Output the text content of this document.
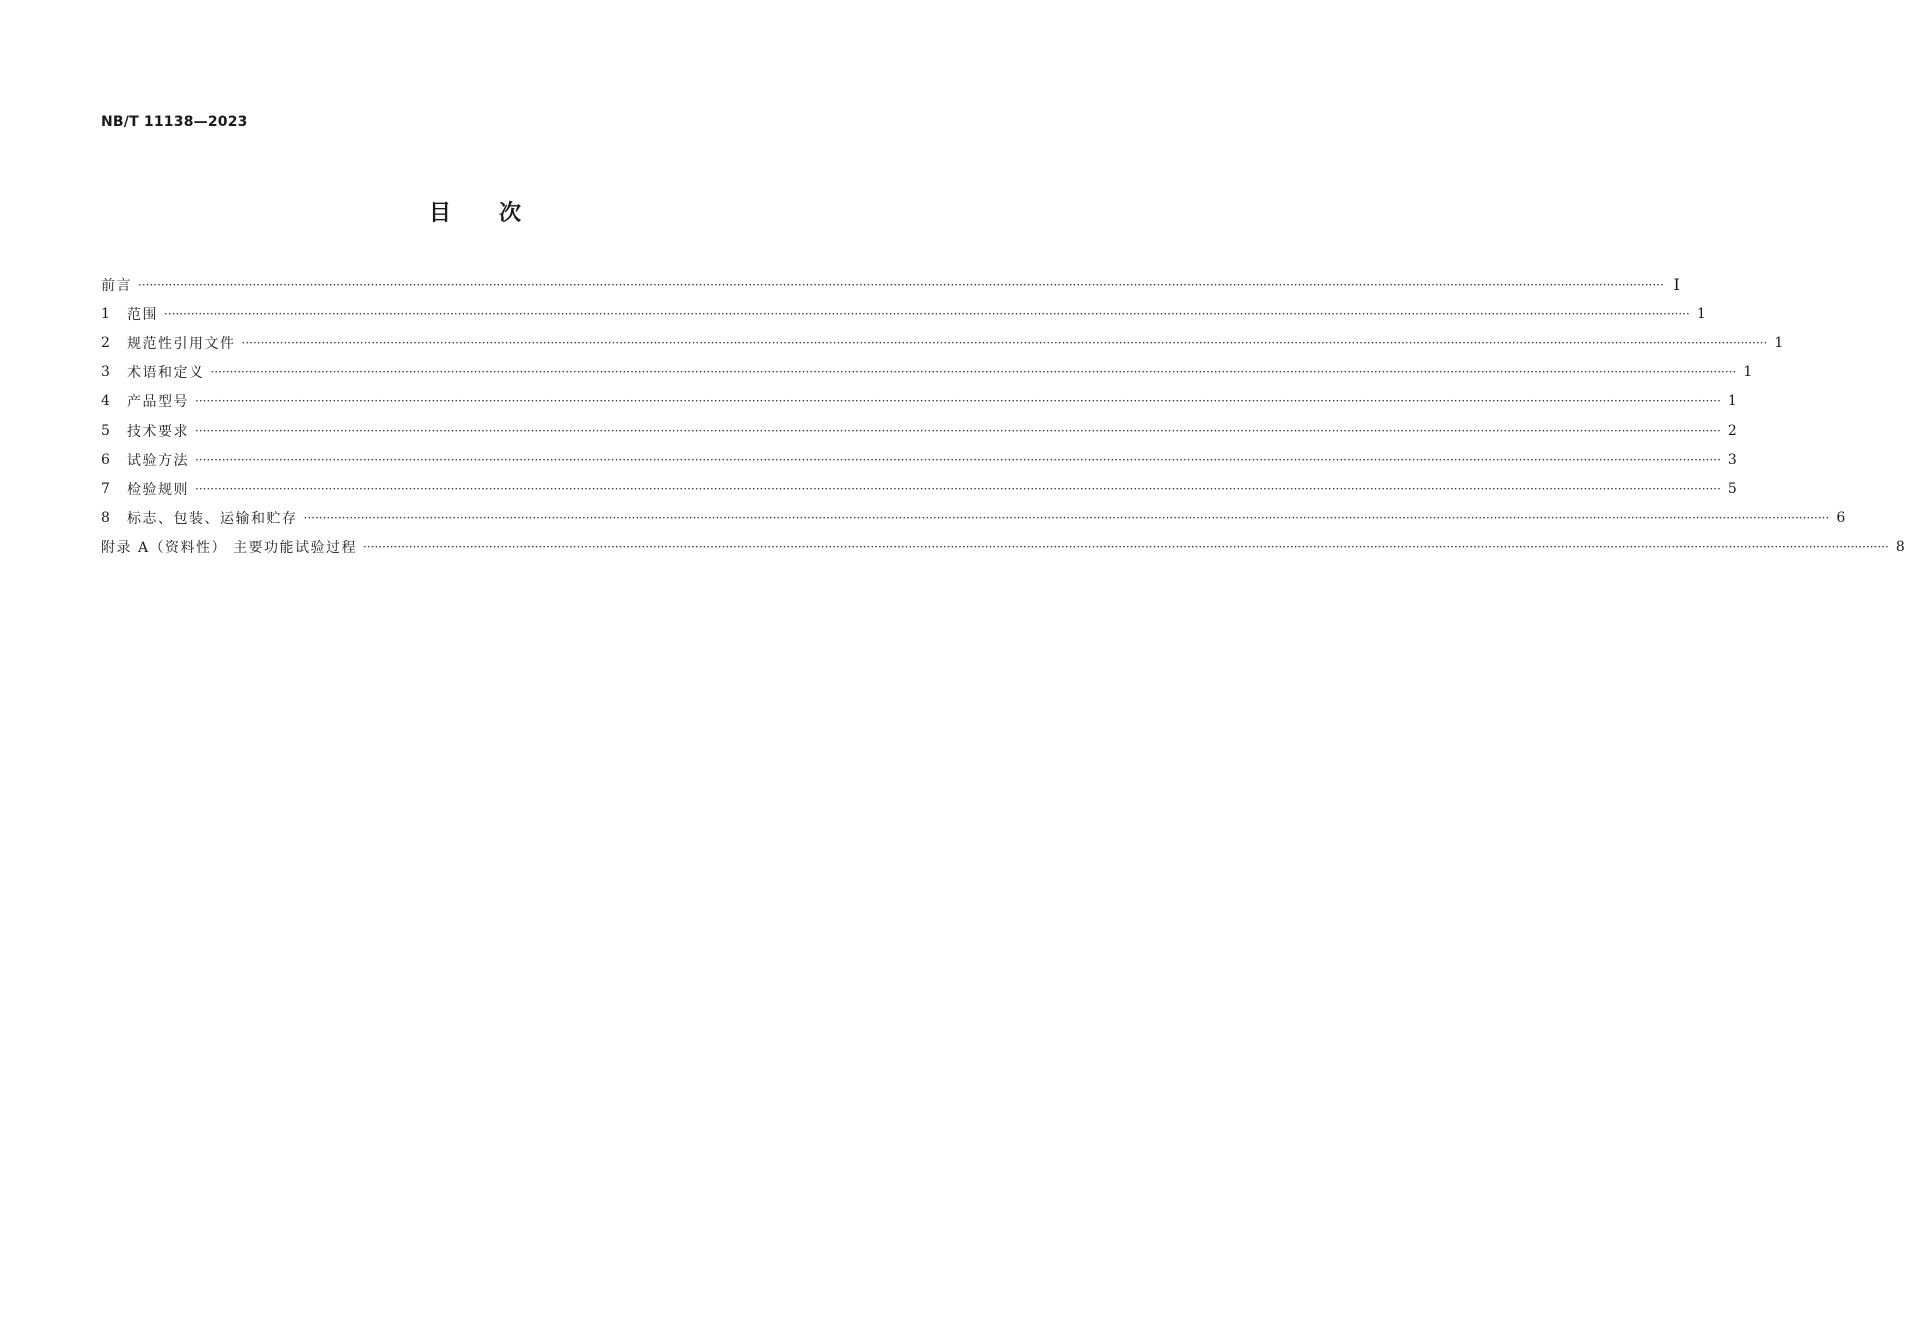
NB/T 11138—2023
目次
前言 ················································································································································································································································································································································································································ Ⅰ
1	范围 ················································································································································································································································································································································································································ 1
2	规范性引用文件 ················································································································································································································································································································································································································ 1
3	术语和定义 ················································································································································································································································································································································································································ 1
4	产品型号 ················································································································································································································································································································································································································ 1
5	技术要求 ················································································································································································································································································································································································································ 2
6	试验方法 ················································································································································································································································································································································································································ 3
7	检验规则 ················································································································································································································································································································································································································ 5
8	标志、包装、运输和贮存 ················································································································································································································································································································································································································ 6
附录 A（资料性） 主要功能试验过程 ················································································································································································································································································································································································································ 8
